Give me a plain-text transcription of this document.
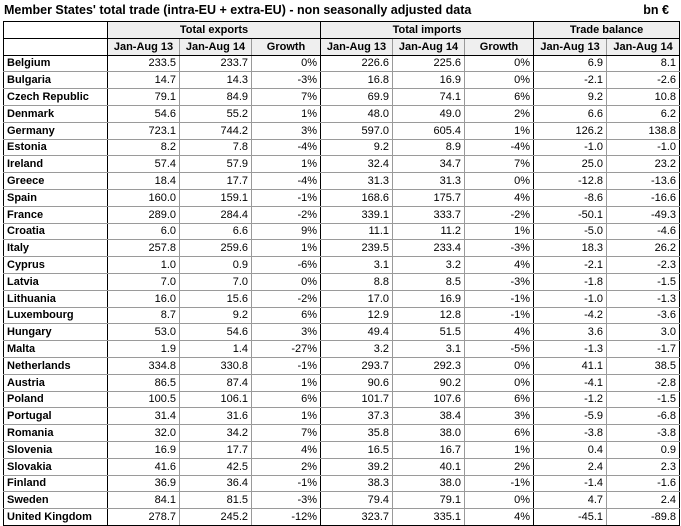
Member States' total trade (intra-EU + extra-EU) - non seasonally adjusted data	bn €
	Total exports			Total imports			Trade balance	
	Jan-Aug 13	Jan-Aug 14	Growth	Jan-Aug 13	Jan-Aug 14	Growth	Jan-Aug 13	Jan-Aug 14
Belgium	233.5	233.7	0%	226.6	225.6	0%	6.9	8.1
Bulgaria	14.7	14.3	-3%	16.8	16.9	0%	-2.1	-2.6
Czech Republic	79.1	84.9	7%	69.9	74.1	6%	9.2	10.8
Denmark	54.6	55.2	1%	48.0	49.0	2%	6.6	6.2
Germany	723.1	744.2	3%	597.0	605.4	1%	126.2	138.8
Estonia	8.2	7.8	-4%	9.2	8.9	-4%	-1.0	-1.0
Ireland	57.4	57.9	1%	32.4	34.7	7%	25.0	23.2
Greece	18.4	17.7	-4%	31.3	31.3	0%	-12.8	-13.6
Spain	160.0	159.1	-1%	168.6	175.7	4%	-8.6	-16.6
France	289.0	284.4	-2%	339.1	333.7	-2%	-50.1	-49.3
Croatia	6.0	6.6	9%	11.1	11.2	1%	-5.0	-4.6
Italy	257.8	259.6	1%	239.5	233.4	-3%	18.3	26.2
Cyprus	1.0	0.9	-6%	3.1	3.2	4%	-2.1	-2.3
Latvia	7.0	7.0	0%	8.8	8.5	-3%	-1.8	-1.5
Lithuania	16.0	15.6	-2%	17.0	16.9	-1%	-1.0	-1.3
Luxembourg	8.7	9.2	6%	12.9	12.8	-1%	-4.2	-3.6
Hungary	53.0	54.6	3%	49.4	51.5	4%	3.6	3.0
Malta	1.9	1.4	-27%	3.2	3.1	-5%	-1.3	-1.7
Netherlands	334.8	330.8	-1%	293.7	292.3	0%	41.1	38.5
Austria	86.5	87.4	1%	90.6	90.2	0%	-4.1	-2.8
Poland	100.5	106.1	6%	101.7	107.6	6%	-1.2	-1.5
Portugal	31.4	31.6	1%	37.3	38.4	3%	-5.9	-6.8
Romania	32.0	34.2	7%	35.8	38.0	6%	-3.8	-3.8
Slovenia	16.9	17.7	4%	16.5	16.7	1%	0.4	0.9
Slovakia	41.6	42.5	2%	39.2	40.1	2%	2.4	2.3
Finland	36.9	36.4	-1%	38.3	38.0	-1%	-1.4	-1.6
Sweden	84.1	81.5	-3%	79.4	79.1	0%	4.7	2.4
United Kingdom	278.7	245.2	-12%	323.7	335.1	4%	-45.1	-89.8
